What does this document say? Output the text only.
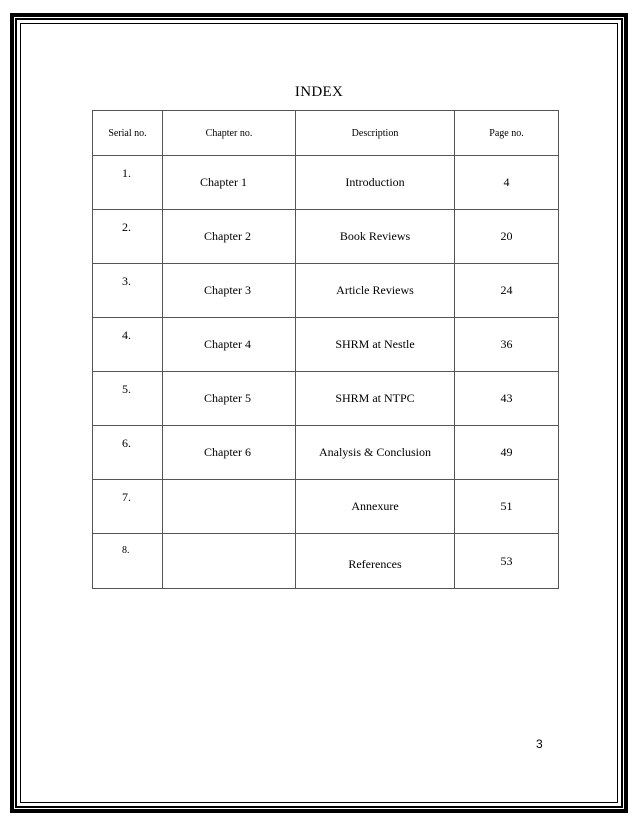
INDEX
Serial no.	Chapter no.	Description	Page no.
1.	Chapter 1	Introduction	4
2.	Chapter 2	Book Reviews	20
3.	Chapter 3	Article Reviews	24
4.	Chapter 4	SHRM at Nestle	36
5.	Chapter 5	SHRM at NTPC	43
6.	Chapter 6	Analysis & Conclusion	49
7.		Annexure	51
8.		References	53
3
